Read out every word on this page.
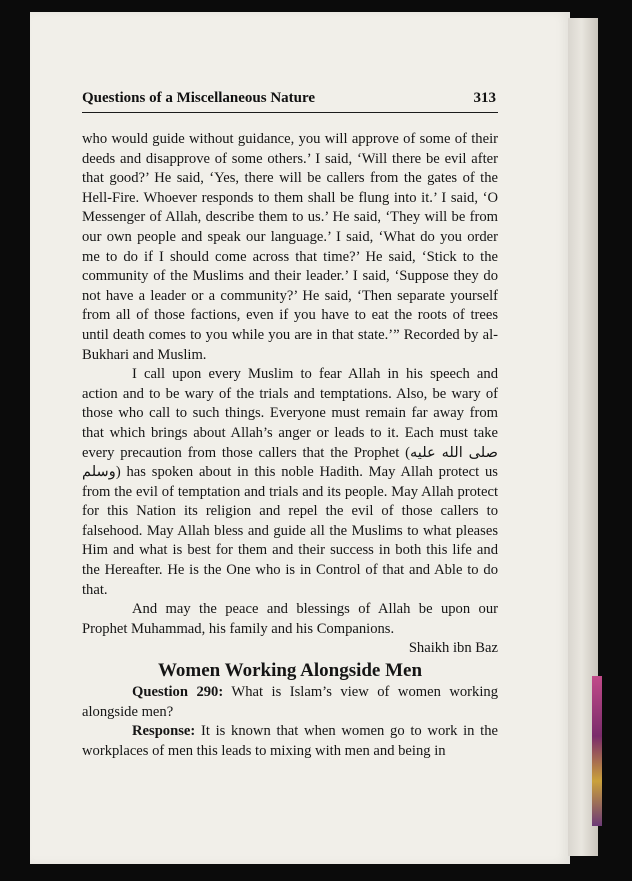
Questions of a Miscellaneous Nature	313

who would guide without guidance, you will approve of some of their deeds and disapprove of some others.’ I said, ‘Will there be evil after that good?’ He said, ‘Yes, there will be callers from the gates of the Hell-Fire. Whoever responds to them shall be flung into it.’ I said, ‘O Messenger of Allah, describe them to us.’ He said, ‘They will be from our own people and speak our language.’ I said, ‘What do you order me to do if I should come across that time?’ He said, ‘Stick to the community of the Muslims and their leader.’ I said, ‘Suppose they do not have a leader or a community?’ He said, ‘Then separate yourself from all of those factions, even if you have to eat the roots of trees until death comes to you while you are in that state.’” Recorded by al-Bukhari and Muslim.

I call upon every Muslim to fear Allah in his speech and action and to be wary of the trials and temptations. Also, be wary of those who call to such things. Everyone must remain far away from that which brings about Allah’s anger or leads to it. Each must take every precaution from those callers that the Prophet (صلى الله عليه وسلم) has spoken about in this noble Hadith. May Allah protect us from the evil of temptation and trials and its people. May Allah protect for this Nation its religion and repel the evil of those callers to falsehood. May Allah bless and guide all the Muslims to what pleases Him and what is best for them and their success in both this life and the Hereafter. He is the One who is in Control of that and Able to do that.

And may the peace and blessings of Allah be upon our Prophet Muhammad, his family and his Companions.

Shaikh ibn Baz

Women Working Alongside Men

Question 290: What is Islam’s view of women working alongside men?

Response: It is known that when women go to work in the workplaces of men this leads to mixing with men and being in
